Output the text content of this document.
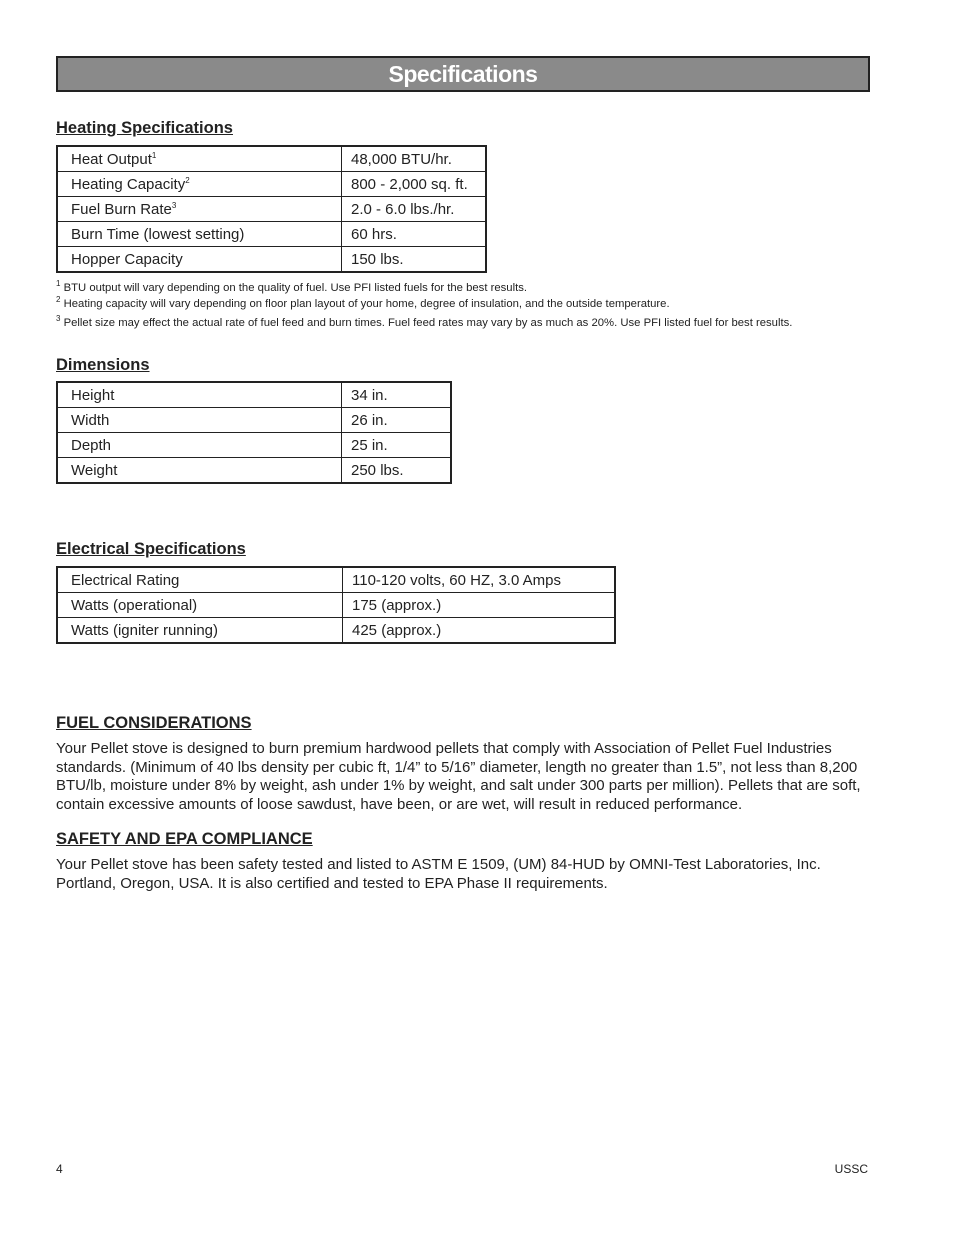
Specifications
Heating Specifications
Heat Output$^1$	48,000 BTU/hr.
Heating Capacity$^2$	800 - 2,000 sq. ft.
Fuel Burn Rate$^3$	2.0 - 6.0 lbs./hr.
Burn Time (lowest setting)	60 hrs.
Hopper Capacity	150 lbs.
$^1$ BTU output will vary depending on the quality of fuel. Use PFI listed fuels for the best results.
$^2$ Heating capacity will vary depending on floor plan layout of your home, degree of insulation, and the outside temperature.
$^3$ Pellet size may effect the actual rate of fuel feed and burn times. Fuel feed rates may vary by as much as 20%. Use PFI listed fuel for best results.
Dimensions
Height	34 in.
Width	26 in.
Depth	25 in.
Weight	250 lbs.
Electrical Specifications
Electrical Rating	110-120 volts, 60 HZ, 3.0 Amps
Watts (operational)	175 (approx.)
Watts (igniter running)	425 (approx.)
FUEL CONSIDERATIONS

Your Pellet stove is designed to burn premium hardwood pellets that comply with Association of Pellet Fuel Industries standards. (Minimum of 40 lbs density per cubic ft, 1/4” to 5/16” diameter, length no greater than 1.5”, not less than 8,200 BTU/lb, moisture under 8% by weight, ash under 1% by weight, and salt under 300 parts per million). Pellets that are soft, contain excessive amounts of loose sawdust, have been, or are wet, will result in reduced performance.

SAFETY AND EPA COMPLIANCE

Your Pellet stove has been safety tested and listed to ASTM E 1509, (UM) 84-HUD by OMNI-Test Laboratories, Inc. Portland, Oregon, USA. It is also certified and tested to EPA Phase II requirements.

4	USSC
